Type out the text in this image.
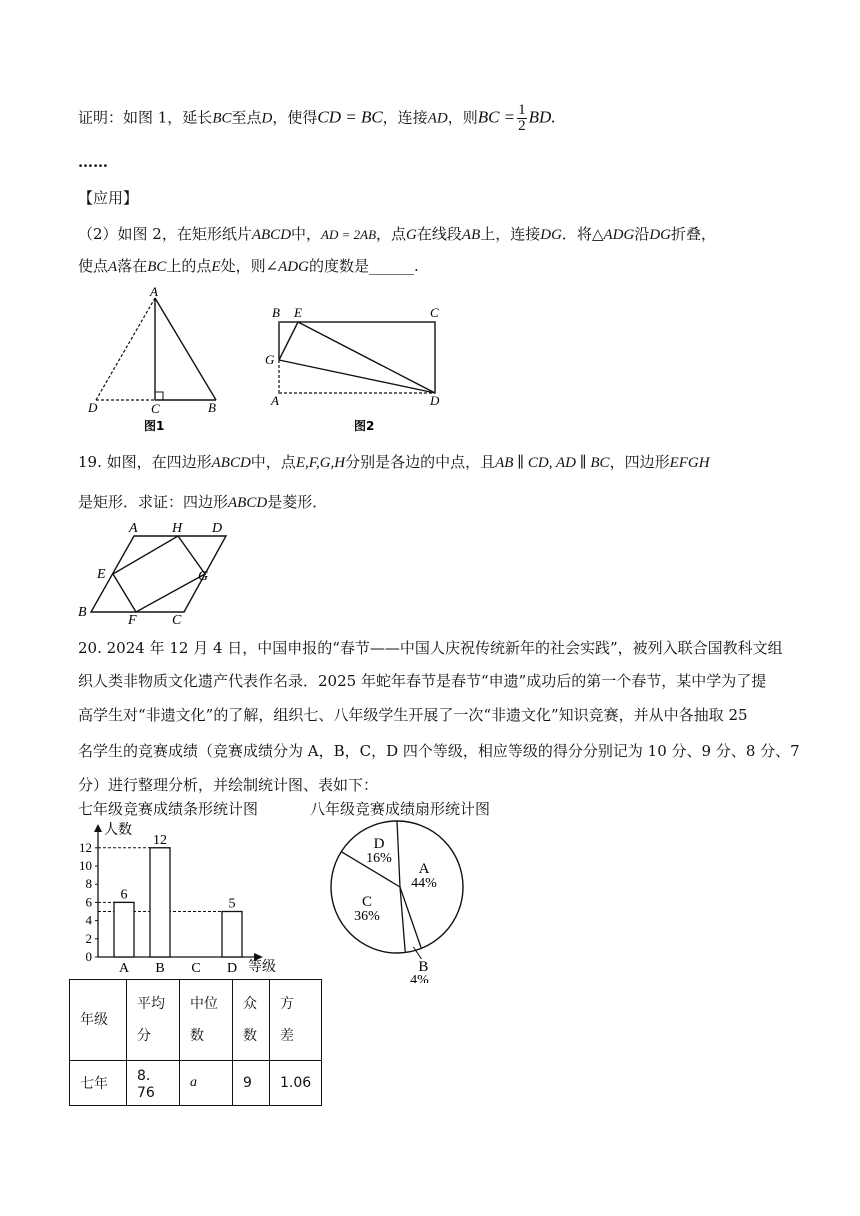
证明：如图 1，延长BC至点D，使得CD = BC，连接AD，则BC = $\frac{1}{2}$ BD.
……
【应用】
（2）如图 2，在矩形纸片ABCD中，AD = 2AB，点G在线段AB上，连接DG．将△ADG沿DG折叠，
使点A落在BC上的点E处，则∠ADG的度数是______.
A
D	C	B
图1
B E	C
G
A	D
图2
19. 如图，在四边形ABCD中，点E,F,G,H分别是各边的中点，且AB ∥ CD, AD ∥ BC，四边形EFGH
是矩形．求证：四边形ABCD是菱形．
A H D
E	G
B
F	C
20. 2024 年 12 月 4 日，中国申报的“春节——中国人庆祝传统新年的社会实践”，被列入联合国教科文组
织人类非物质文化遗产代表作名录．2025 年蛇年春节是春节“申遗”成功后的第一个春节，某中学为了提
高学生对“非遗文化”的了解，组织七、八年级学生开展了一次“非遗文化”知识竞赛，并从中各抽取 25
名学生的竞赛成绩（竞赛成绩分为 A，B，C，D 四个等级，相应等级的得分分别记为 10 分、9 分、8 分、7
分）进行整理分析，并绘制统计图、表如下：
七年级竞赛成绩条形统计图	八年级竞赛成绩扇形统计图
人数
等级
0
2
4
6
8
10
12
6
A
12
B C
5
D
A
44%
C
36%
D
16%
B
4%
年级	平均分	中位数	众数	方差

七年	8．76	a	9	1.06
